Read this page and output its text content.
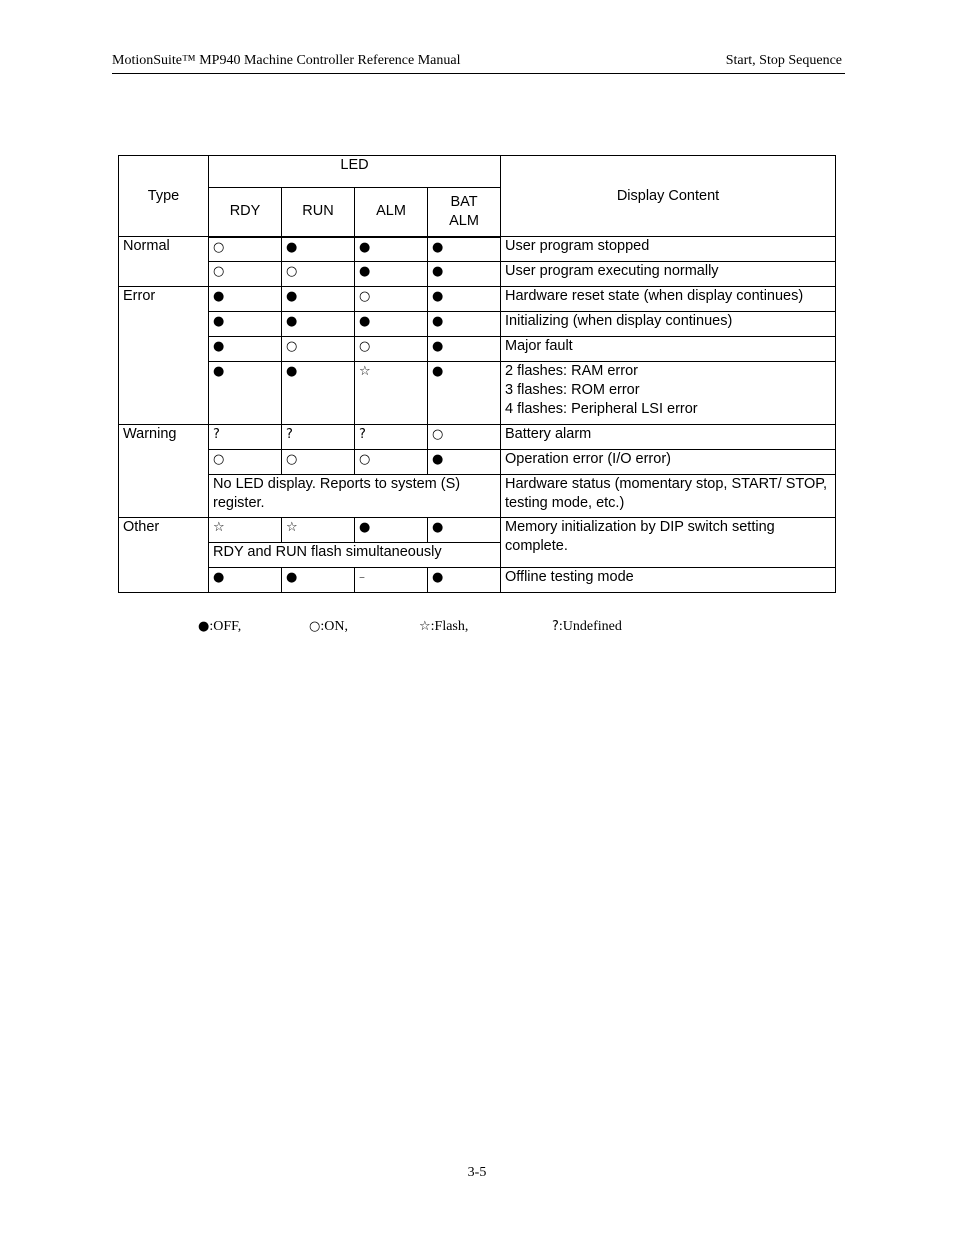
MotionSuite™ MP940 Machine Controller Reference Manual	Start, Stop Sequence
Type	LED				Display Content
	RDY	RUN	ALM	BAT ALM	
Normal	○	●	●	●	User program stopped
	○	○	●	●	User program executing normally
Error	●	●	○	●	Hardware reset state (when display continues)
	●	●	●	●	Initializing (when display continues)
	●	○	○	●	Major fault
	●	●	☆	●	2 flashes: RAM error
3 flashes: ROM error
4 flashes: Peripheral LSI error

Warning	?	?	?	○	Battery alarm
	○	○	○	●	Operation error (I/O error)
	No LED display. Reports to system (S) register.				Hardware status (momentary stop, START/ STOP, testing mode, etc.)
Other	☆	☆	●	●	Memory initialization by DIP switch setting complete.
	RDY and RUN flash simultaneously				
	●	●	–	●	Offline testing mode
●:OFF,	○:ON,	☆:Flash,	?:Undefined
3-5
